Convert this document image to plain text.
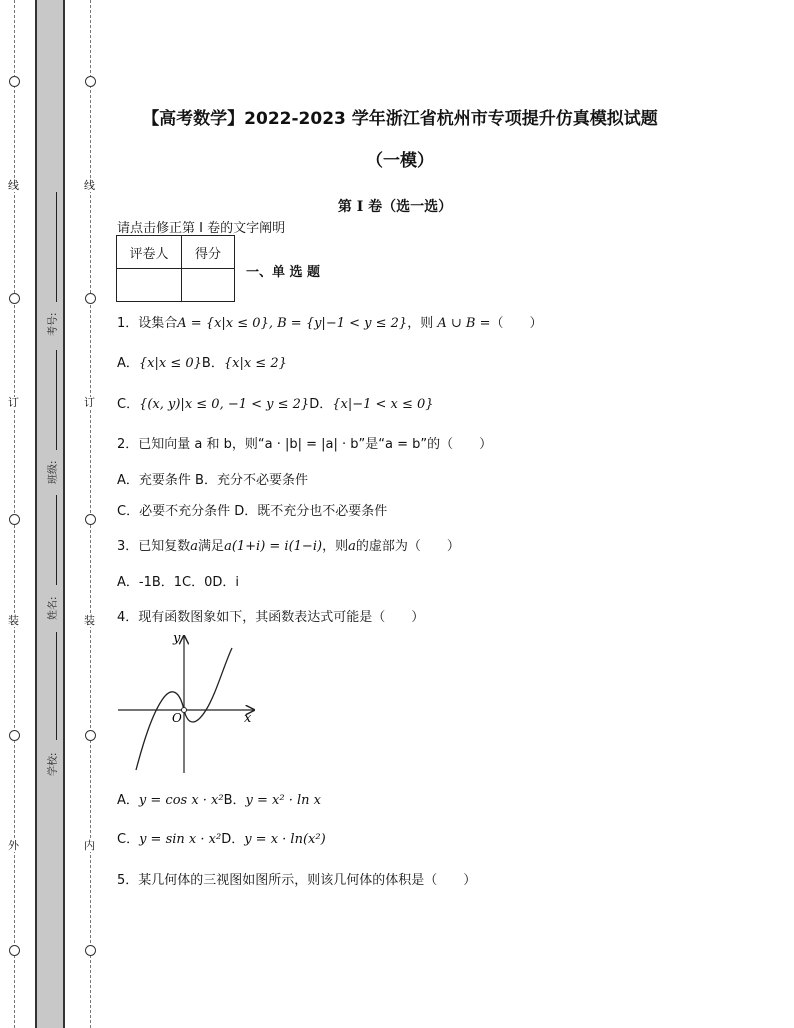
线
订
装
外
线
订
装
内
考号:
班级:
姓名:
学校:
【高考数学】2022-2023 学年浙江省杭州市专项提升仿真模拟试题
（一模）
第 I 卷（选一选）
请点击修正第 I 卷的文字阐明
评卷人	得分

一、单 选 题
1．设集合A = {x|x ≤ 0}, B = {y|−1 < y ≤ 2}，则 A ∪ B =（　　）
A．{x|x ≤ 0}B．{x|x ≤ 2}
C．{(x, y)|x ≤ 0, −1 < y ≤ 2}D．{x|−1 < x ≤ 0}
2．已知向量 a 和 b，则“a · |b| = |a| · b”是“a = b”的（　　）
A．充要条件 B．充分不必要条件
C．必要不充分条件 D．既不充分也不必要条件
3．已知复数a满足a(1+i) = i(1−i)，则a的虚部为（　　）
A．-1B．1C．0D．i
4．现有函数图象如下，其函数表达式可能是（　　）
x
y
O
A．y = cos x · x²B．y = x² · ln x
C．y = sin x · x²D．y = x · ln(x²)
5．某几何体的三视图如图所示，则该几何体的体积是（　　）
